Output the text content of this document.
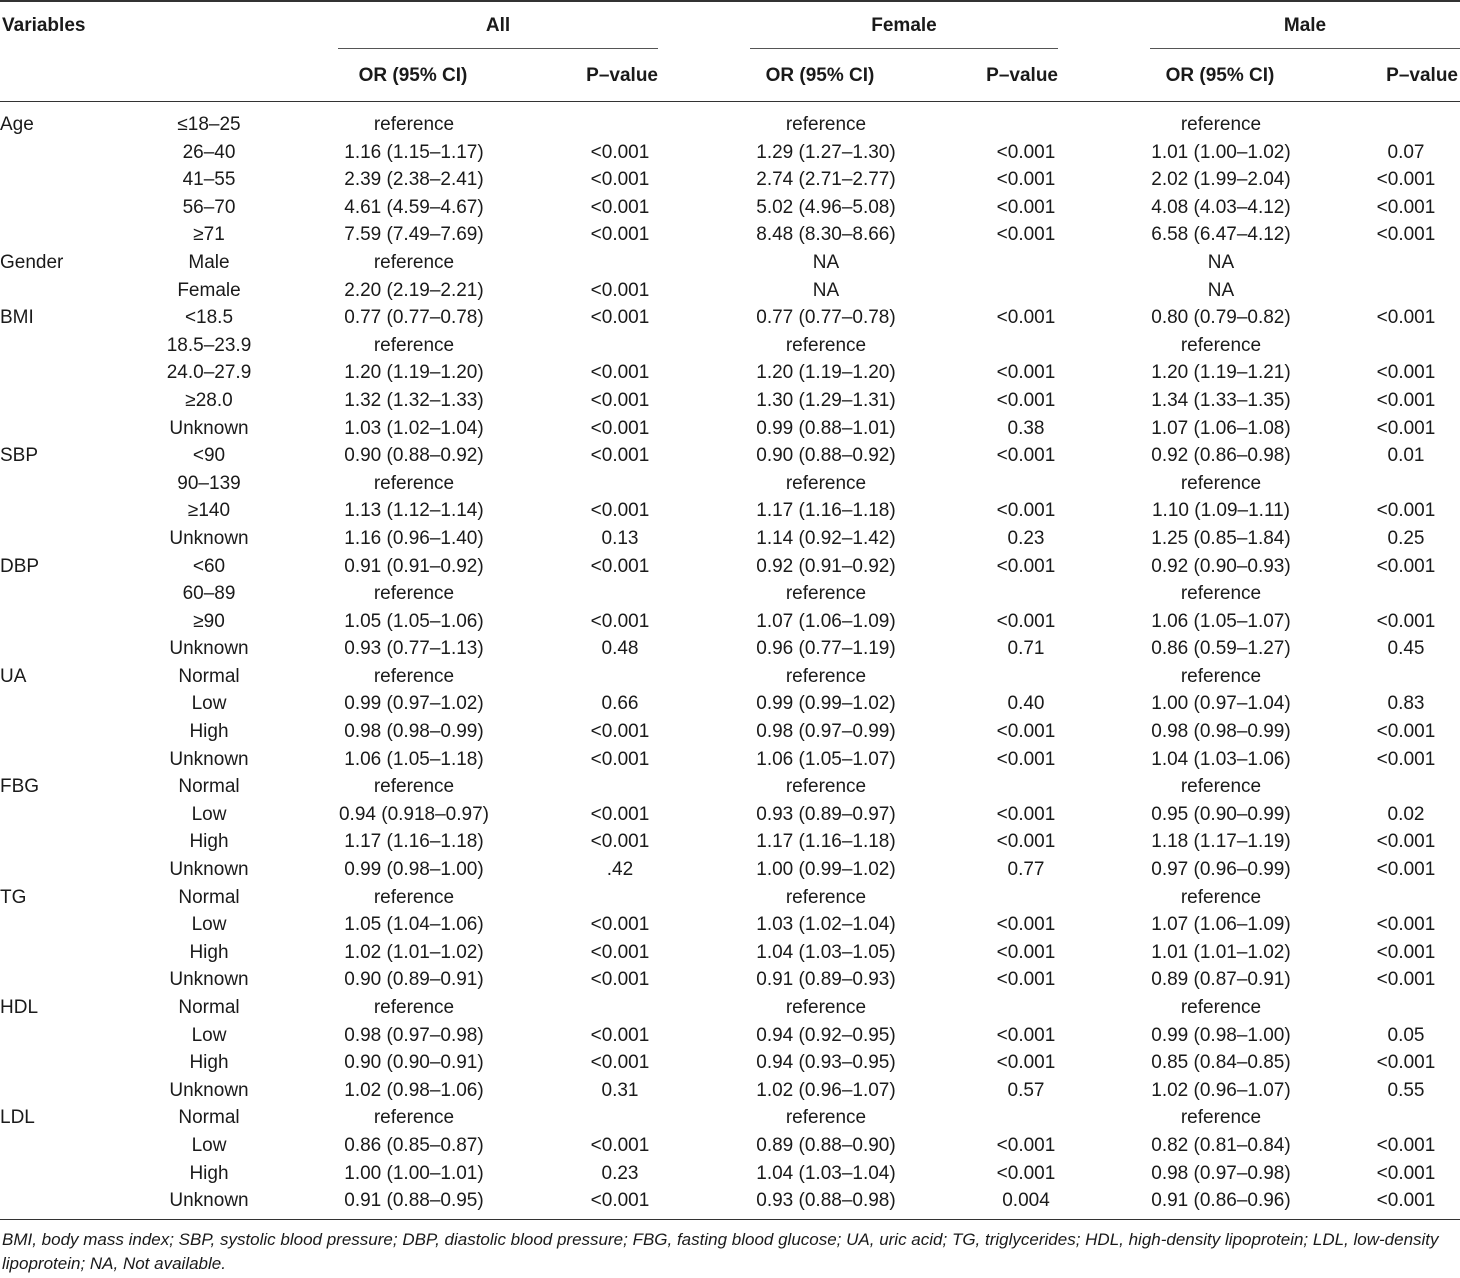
Variables	All	Female	Male
OR (95% CI)	P–value	OR (95% CI)	P–value	OR (95% CI)	P–value
Age	≤18–25	reference		reference		reference	
	26–40	1.16 (1.15–1.17)	<0.001	1.29 (1.27–1.30)	<0.001	1.01 (1.00–1.02)	0.07
	41–55	2.39 (2.38–2.41)	<0.001	2.74 (2.71–2.77)	<0.001	2.02 (1.99–2.04)	<0.001
	56–70	4.61 (4.59–4.67)	<0.001	5.02 (4.96–5.08)	<0.001	4.08 (4.03–4.12)	<0.001
	≥71	7.59 (7.49–7.69)	<0.001	8.48 (8.30–8.66)	<0.001	6.58 (6.47–4.12)	<0.001
Gender	Male	reference		NA		NA	
	Female	2.20 (2.19–2.21)	<0.001	NA		NA	
BMI	<18.5	0.77 (0.77–0.78)	<0.001	0.77 (0.77–0.78)	<0.001	0.80 (0.79–0.82)	<0.001
	18.5–23.9	reference		reference		reference	
	24.0–27.9	1.20 (1.19–1.20)	<0.001	1.20 (1.19–1.20)	<0.001	1.20 (1.19–1.21)	<0.001
	≥28.0	1.32 (1.32–1.33)	<0.001	1.30 (1.29–1.31)	<0.001	1.34 (1.33–1.35)	<0.001
	Unknown	1.03 (1.02–1.04)	<0.001	0.99 (0.88–1.01)	0.38	1.07 (1.06–1.08)	<0.001
SBP	<90	0.90 (0.88–0.92)	<0.001	0.90 (0.88–0.92)	<0.001	0.92 (0.86–0.98)	0.01
	90–139	reference		reference		reference	
	≥140	1.13 (1.12–1.14)	<0.001	1.17 (1.16–1.18)	<0.001	1.10 (1.09–1.11)	<0.001
	Unknown	1.16 (0.96–1.40)	0.13	1.14 (0.92–1.42)	0.23	1.25 (0.85–1.84)	0.25
DBP	<60	0.91 (0.91–0.92)	<0.001	0.92 (0.91–0.92)	<0.001	0.92 (0.90–0.93)	<0.001
	60–89	reference		reference		reference	
	≥90	1.05 (1.05–1.06)	<0.001	1.07 (1.06–1.09)	<0.001	1.06 (1.05–1.07)	<0.001
	Unknown	0.93 (0.77–1.13)	0.48	0.96 (0.77–1.19)	0.71	0.86 (0.59–1.27)	0.45
UA	Normal	reference		reference		reference	
	Low	0.99 (0.97–1.02)	0.66	0.99 (0.99–1.02)	0.40	1.00 (0.97–1.04)	0.83
	High	0.98 (0.98–0.99)	<0.001	0.98 (0.97–0.99)	<0.001	0.98 (0.98–0.99)	<0.001
	Unknown	1.06 (1.05–1.18)	<0.001	1.06 (1.05–1.07)	<0.001	1.04 (1.03–1.06)	<0.001
FBG	Normal	reference		reference		reference	
	Low	0.94 (0.918–0.97)	<0.001	0.93 (0.89–0.97)	<0.001	0.95 (0.90–0.99)	0.02
	High	1.17 (1.16–1.18)	<0.001	1.17 (1.16–1.18)	<0.001	1.18 (1.17–1.19)	<0.001
	Unknown	0.99 (0.98–1.00)	.42	1.00 (0.99–1.02)	0.77	0.97 (0.96–0.99)	<0.001
TG	Normal	reference		reference		reference	
	Low	1.05 (1.04–1.06)	<0.001	1.03 (1.02–1.04)	<0.001	1.07 (1.06–1.09)	<0.001
	High	1.02 (1.01–1.02)	<0.001	1.04 (1.03–1.05)	<0.001	1.01 (1.01–1.02)	<0.001
	Unknown	0.90 (0.89–0.91)	<0.001	0.91 (0.89–0.93)	<0.001	0.89 (0.87–0.91)	<0.001
HDL	Normal	reference		reference		reference	
	Low	0.98 (0.97–0.98)	<0.001	0.94 (0.92–0.95)	<0.001	0.99 (0.98–1.00)	0.05
	High	0.90 (0.90–0.91)	<0.001	0.94 (0.93–0.95)	<0.001	0.85 (0.84–0.85)	<0.001
	Unknown	1.02 (0.98–1.06)	0.31	1.02 (0.96–1.07)	0.57	1.02 (0.96–1.07)	0.55
LDL	Normal	reference		reference		reference	
	Low	0.86 (0.85–0.87)	<0.001	0.89 (0.88–0.90)	<0.001	0.82 (0.81–0.84)	<0.001
	High	1.00 (1.00–1.01)	0.23	1.04 (1.03–1.04)	<0.001	0.98 (0.97–0.98)	<0.001
	Unknown	0.91 (0.88–0.95)	<0.001	0.93 (0.88–0.98)	0.004	0.91 (0.86–0.96)	<0.001
BMI, body mass index; SBP, systolic blood pressure; DBP, diastolic blood pressure; FBG, fasting blood glucose; UA, uric acid; TG, triglycerides; HDL, high-density lipoprotein; LDL, low-density lipoprotein; NA, Not available.
